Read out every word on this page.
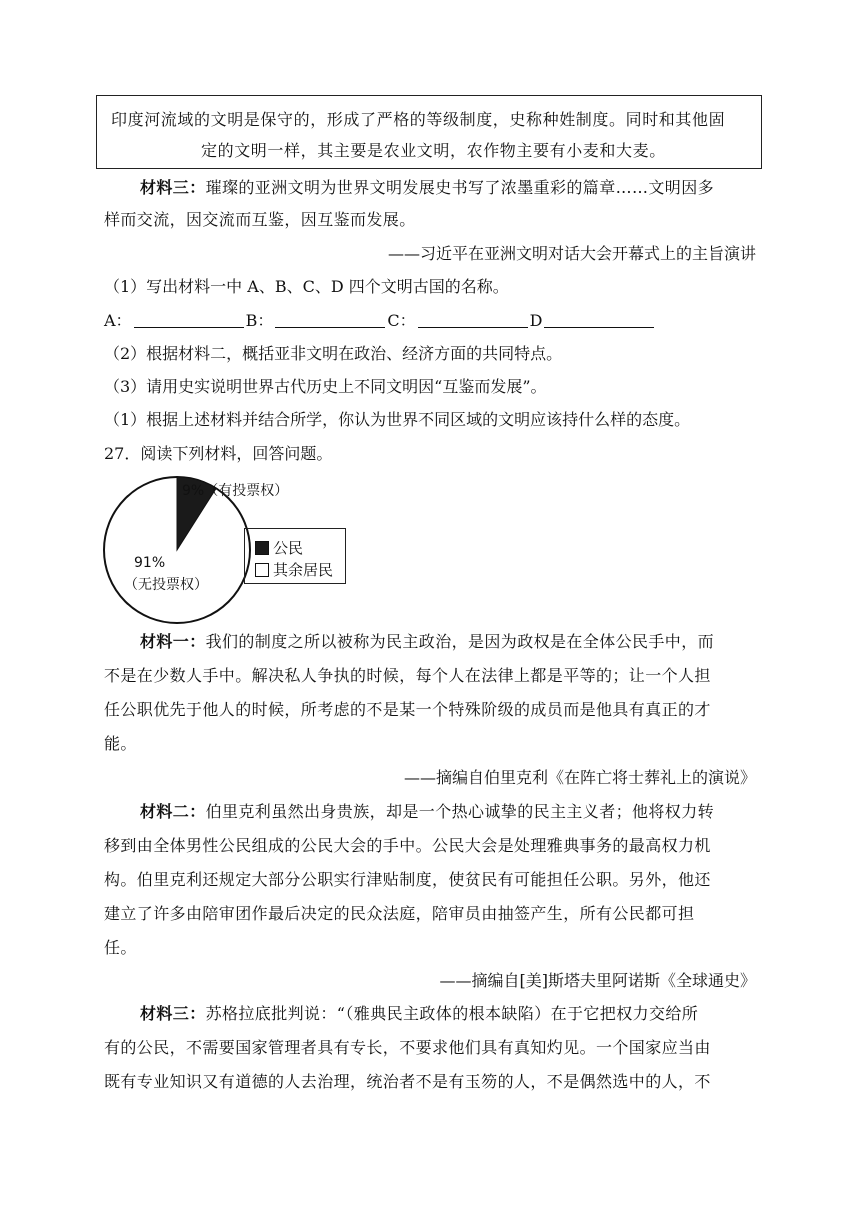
印度河流域的文明是保守的，形成了严格的等级制度，史称种姓制度。同时和其他固
定的文明一样，其主要是农业文明，农作物主要有小麦和大麦。
材料三：璀璨的亚洲文明为世界文明发展史书写了浓墨重彩的篇章……文明因多
样而交流，因交流而互鉴，因互鉴而发展。
——习近平在亚洲文明对话大会开幕式上的主旨演讲
（1）写出材料一中 A、B、C、D 四个文明古国的名称。
A：	B：	C：	D
（2）根据材料二，概括亚非文明在政治、经济方面的共同特点。
（3）请用史实说明世界古代历史上不同文明因“互鉴而发展”。
（1）根据上述材料并结合所学，你认为世界不同区域的文明应该持什么样的态度。
27．阅读下列材料，回答问题。
9%（有投票权）
91%
（无投票权）
公民
其余居民
材料一：我们的制度之所以被称为民主政治，是因为政权是在全体公民手中，而
不是在少数人手中。解决私人争执的时候，每个人在法律上都是平等的；让一个人担
任公职优先于他人的时候，所考虑的不是某一个特殊阶级的成员而是他具有真正的才
能。
——摘编自伯里克利《在阵亡将士葬礼上的演说》
材料二：伯里克利虽然出身贵族，却是一个热心诚挚的民主主义者；他将权力转
移到由全体男性公民组成的公民大会的手中。公民大会是处理雅典事务的最高权力机
构。伯里克利还规定大部分公职实行津贴制度，使贫民有可能担任公职。另外，他还
建立了许多由陪审团作最后决定的民众法庭，陪审员由抽签产生，所有公民都可担
任。
——摘编自[美]斯塔夫里阿诺斯《全球通史》
材料三：苏格拉底批判说：“（雅典民主政体的根本缺陷）在于它把权力交给所
有的公民，不需要国家管理者具有专长，不要求他们具有真知灼见。一个国家应当由
既有专业知识又有道德的人去治理，统治者不是有玉笏的人，不是偶然选中的人，不
